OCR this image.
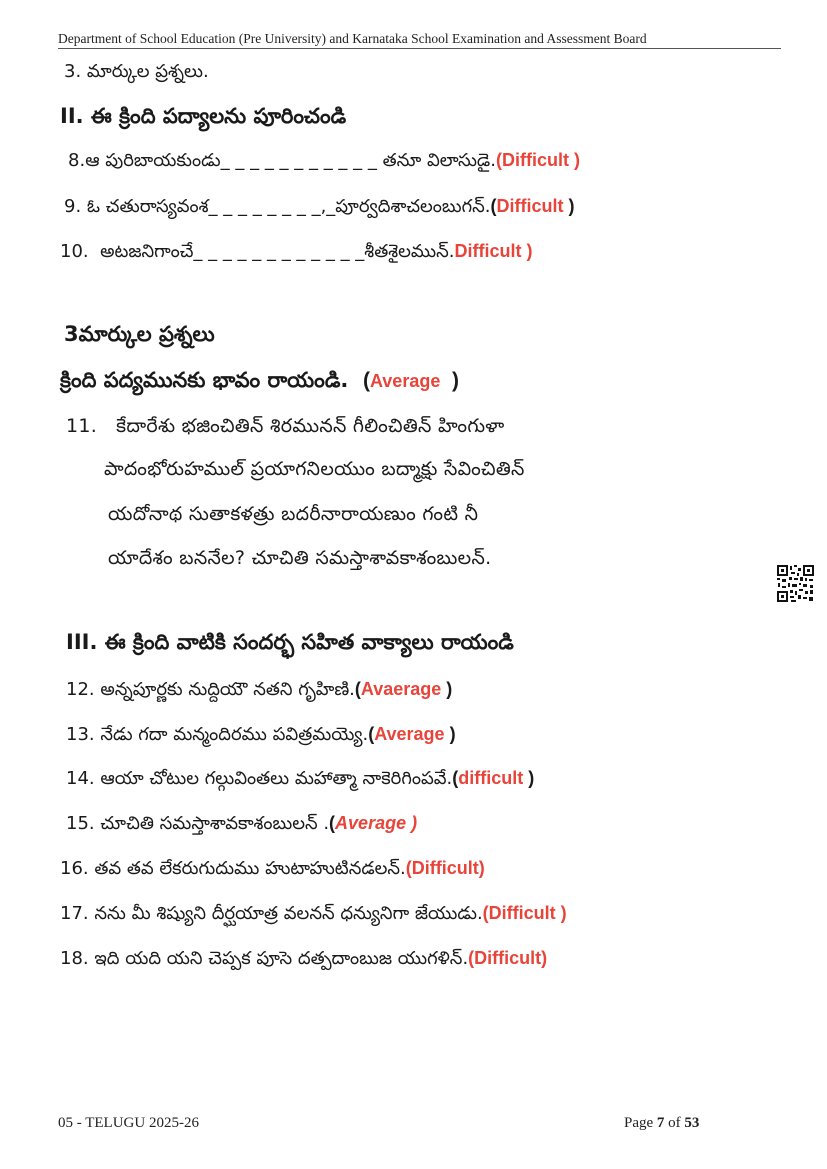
Department of School Education (Pre University) and Karnataka School Examination and Assessment Board
3. మార్కుల ప్రశ్నలు.
II. ఈ క్రింది పద్యాలను పూరించండి
8.ఆ పురిబాయకుండు_ _ _ _ _ _ _ _ _ _ _ తనూ విలాసుడై.(Difficult )
9. ఓ చతురాస్యవంశ_ _ _ _ _ _ _ _,_పూర్వదిశాచలంబుగన్.(Difficult )
10. అటజనిగాంచే_ _ _ _ _ _ _ _ _ _ _ _శీతశైలమున్.Difficult )
3మార్కుల ప్రశ్నలు
క్రింది పద్యమునకు భావం రాయండి. (Average  )
11. కేదారేశు భజించితిన్ శిరమునన్ గీలించితిన్ హింగుళా
పాదంభోరుహముల్ ప్రయాగనిలయుం బద్మాక్షు సేవించితిన్
యదోనాథ సుతాకళత్రు బదరీనారాయణుం గంటి నీ
యాదేశం బననేల? చూచితి సమస్తాశావకాశంబులన్.
III. ఈ క్రింది వాటికి సందర్భ సహిత వాక్యాలు రాయండి
12. అన్నపూర్ణకు నుద్దియౌ నతని గృహిణి.(Avaerage )
13. నేడు గదా మన్మందిరము పవిత్రమయ్యె.(Average )
14. ఆయా చోటుల గల్గువింతలు మహాత్మా నాకెరిగింపవే.(difficult )
15. చూచితి సమస్తాశావకాశంబులన్ .(Average )
16. తవ తవ లేకరుగుదుము హుటాహుటినడలన్.(Difficult)
17. నను మీ శిష్యుని దీర్ఘయాత్ర వలనన్ ధన్యునిగా జేయుడు.(Difficult )
18. ఇది యది యని చెప్పక పూసె దత్పదాంబుజ యుగళిన్.(Difficult)
05 - TELUGU 2025-26	Page 7 of 53
